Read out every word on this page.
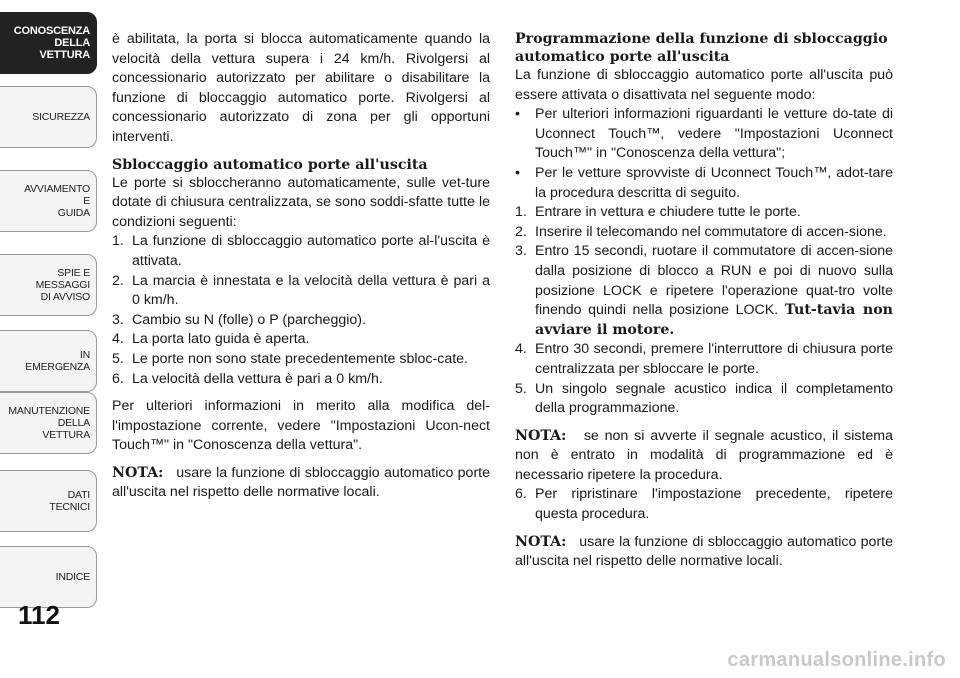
CONOSCENZA
DELLA
VETTURA
SICUREZZA
AVVIAMENTO
E
GUIDA
SPIE E
MESSAGGI
DI AVVISO
IN
EMERGENZA
MANUTENZIONE
DELLA
VETTURA
DATI
TECNICI
INDICE
112

è abilitata, la porta si blocca automaticamente quando la velocità della vettura supera i 24 km/h. Rivolgersi al concessionario autorizzato per abilitare o disabilitare la funzione di bloccaggio automatico porte. Rivolgersi al concessionario autorizzato di zona per gli opportuni interventi.

Sbloccaggio automatico porte all'uscita

Le porte si sbloccheranno automaticamente, sulle vet-ture dotate di chiusura centralizzata, se sono soddi-sfatte tutte le condizioni seguenti:

1. La funzione di sbloccaggio automatico porte al-l'uscita è attivata.
2. La marcia è innestata e la velocità della vettura è pari a 0 km/h.
3. Cambio su N (folle) o P (parcheggio).
4. La porta lato guida è aperta.
5. Le porte non sono state precedentemente sbloc-cate.
6. La velocità della vettura è pari a 0 km/h.

Per ulteriori informazioni in merito alla modifica del-l'impostazione corrente, vedere "Impostazioni Ucon-nect Touch™" in "Conoscenza della vettura".

NOTA: usare la funzione di sbloccaggio automatico porte all'uscita nel rispetto delle normative locali.

Programmazione della funzione di sbloccaggio automatico porte all'uscita

La funzione di sbloccaggio automatico porte all'uscita può essere attivata o disattivata nel seguente modo:

•	Per ulteriori informazioni riguardanti le vetture do-tate di Uconnect Touch™, vedere "Impostazioni Uconnect Touch™" in "Conoscenza della vettura";
•	Per le vetture sprovviste di Uconnect Touch™, adot-tare la procedura descritta di seguito.
1. Entrare in vettura e chiudere tutte le porte.
2. Inserire il telecomando nel commutatore di accen-sione.
3. Entro 15 secondi, ruotare il commutatore di accen-sione dalla posizione di blocco a RUN e poi di nuovo sulla posizione LOCK e ripetere l'operazione quat-tro volte finendo quindi nella posizione LOCK. Tut-tavia non avviare il motore.
4. Entro 30 secondi, premere l'interruttore di chiusura porte centralizzata per sbloccare le porte.
5. Un singolo segnale acustico indica il completamento della programmazione.

NOTA: se non si avverte il segnale acustico, il sistema non è entrato in modalità di programmazione ed è necessario ripetere la procedura.

6. Per ripristinare l'impostazione precedente, ripetere questa procedura.

NOTA: usare la funzione di sbloccaggio automatico porte all'uscita nel rispetto delle normative locali.

carmanualsonline.info
